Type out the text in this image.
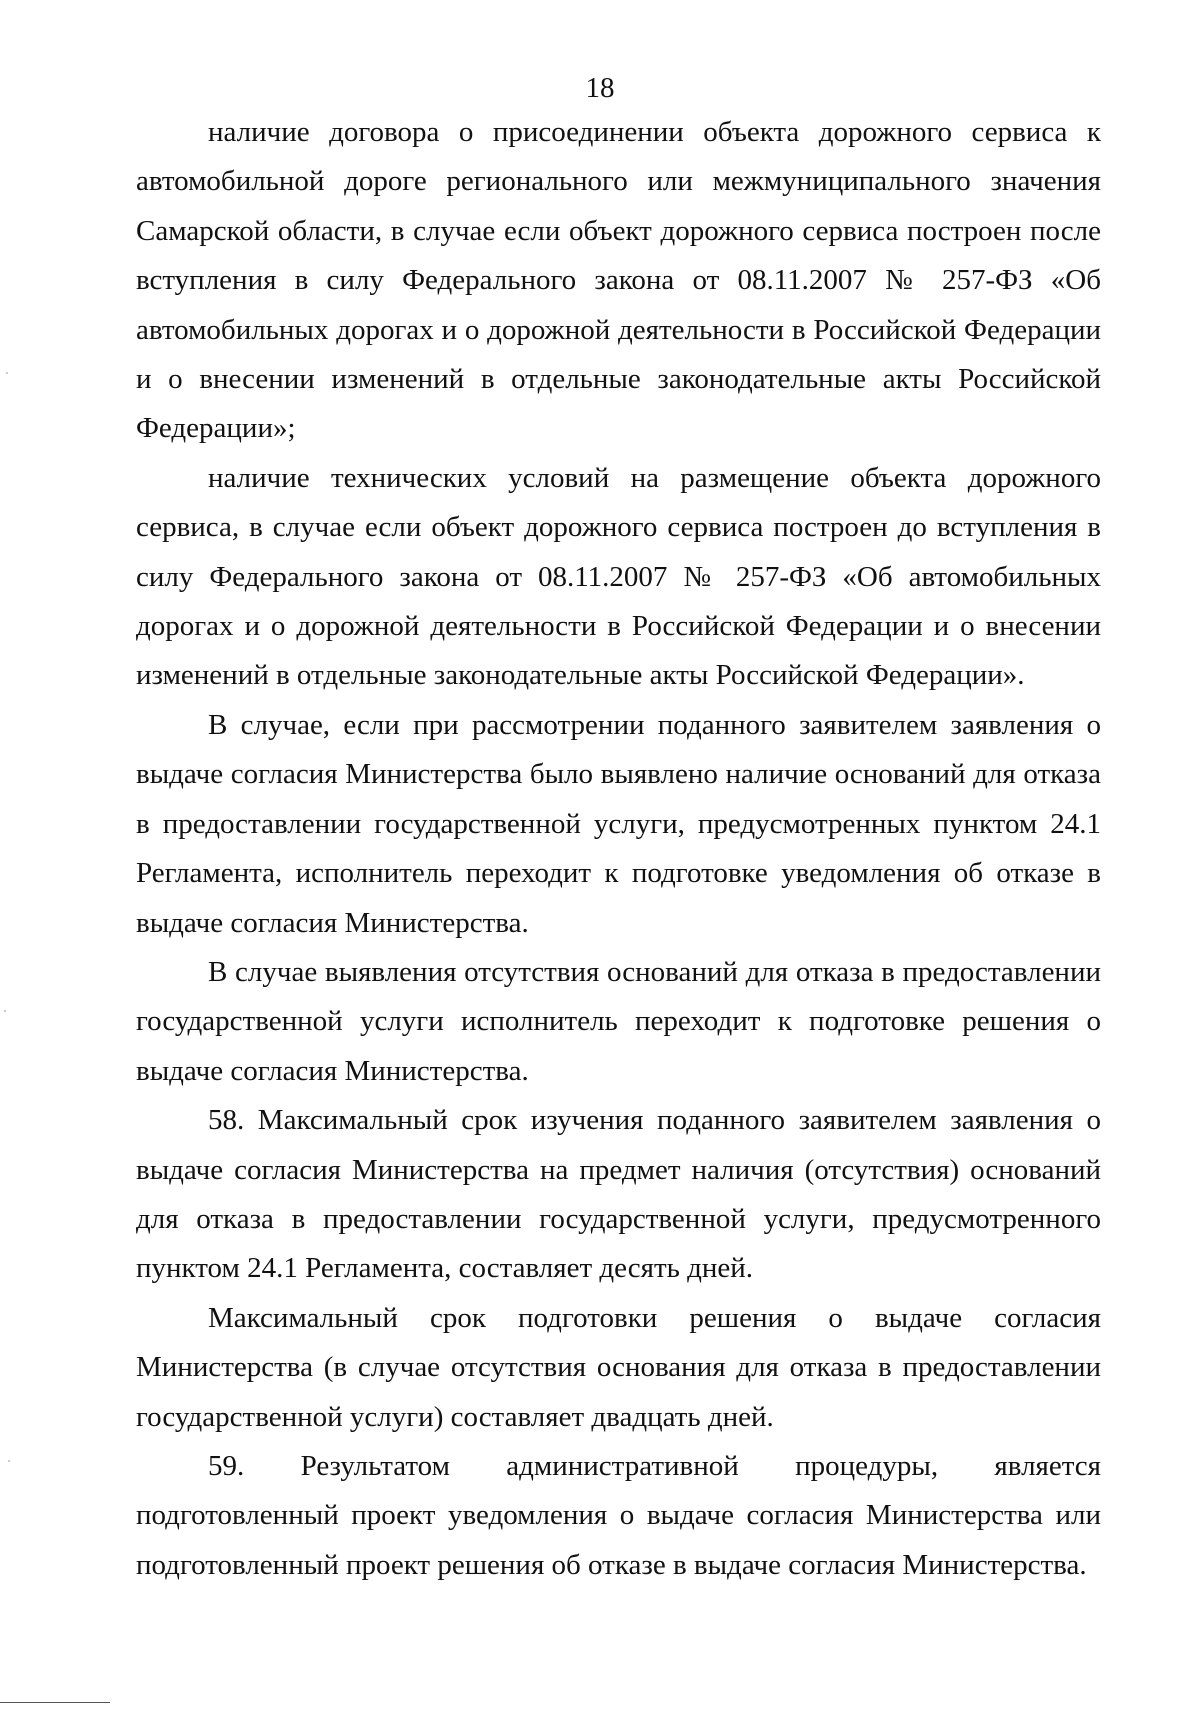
18

наличие договора о присоединении объекта дорожного сервиса к автомобильной дороге регионального или межмуниципального значения Самарской области, в случае если объект дорожного сервиса построен после вступления в силу Федерального закона от 08.11.2007 № 257-ФЗ «Об автомобильных дорогах и о дорожной деятельности в Российской Федерации и о внесении изменений в отдельные законодательные акты Российской Федерации»;

наличие технических условий на размещение объекта дорожного сервиса, в случае если объект дорожного сервиса построен до вступления в силу Федерального закона от 08.11.2007 № 257-ФЗ «Об автомобильных дорогах и о дорожной деятельности в Российской Федерации и о внесении изменений в отдельные законодательные акты Российской Федерации».

В случае, если при рассмотрении поданного заявителем заявления о выдаче согласия Министерства было выявлено наличие оснований для отказа в предоставлении государственной услуги, предусмотренных пунктом 24.1 Регламента, исполнитель переходит к подготовке уведомления об отказе в выдаче согласия Министерства.

В случае выявления отсутствия оснований для отказа в предоставлении государственной услуги исполнитель переходит к подготовке решения о выдаче согласия Министерства.

58. Максимальный срок изучения поданного заявителем заявления о выдаче согласия Министерства на предмет наличия (отсутствия) оснований для отказа в предоставлении государственной услуги, предусмотренного пунктом 24.1 Регламента, составляет десять дней.

Максимальный срок подготовки решения о выдаче согласия Министерства (в случае отсутствия основания для отказа в предоставлении государственной услуги) составляет двадцать дней.

59. Результатом административной процедуры, является подготовленный проект уведомления о выдаче согласия Министерства или подготовленный проект решения об отказе в выдаче согласия Министерства.
